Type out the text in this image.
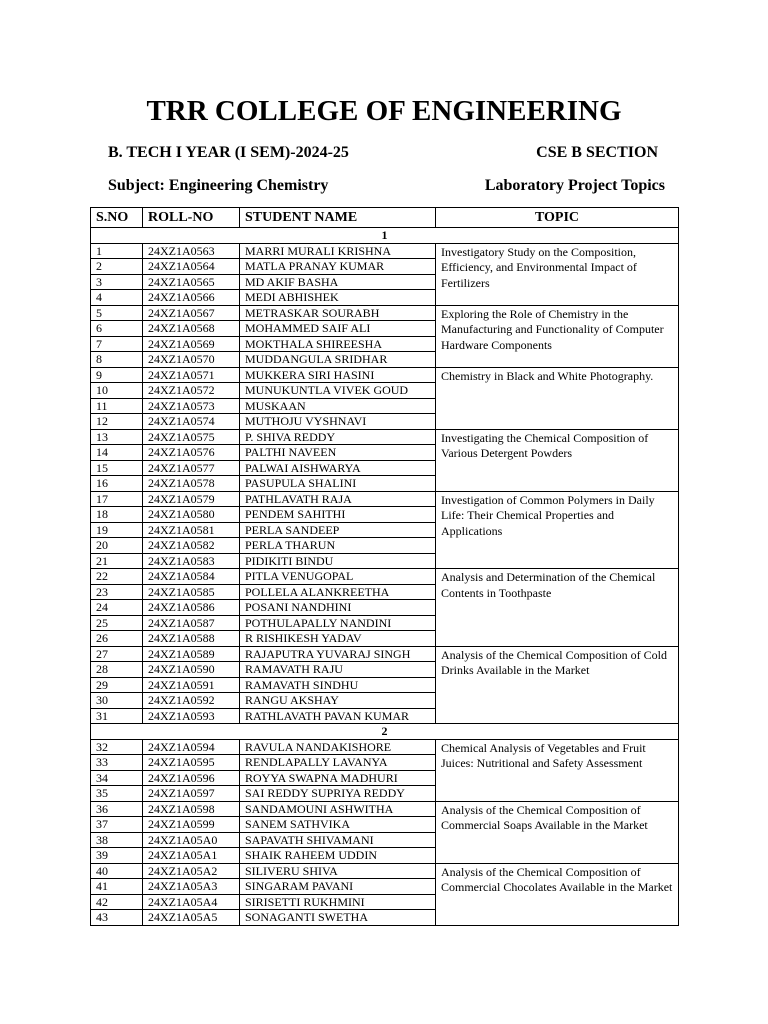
TRR COLLEGE OF ENGINEERING
B. TECH I YEAR (I SEM)-2024-25	CSE B SECTION
Subject: Engineering Chemistry	Laboratory Project Topics
S.NO	ROLL-NO	STUDENT NAME	TOPIC
1			
1	24XZ1A0563	MARRI MURALI KRISHNA	Investigatory Study on the Composition, Efficiency, and Environmental Impact of Fertilizers
2	24XZ1A0564	MATLA PRANAY KUMAR	
3	24XZ1A0565	MD AKIF BASHA	
4	24XZ1A0566	MEDI ABHISHEK	
5	24XZ1A0567	METRASKAR SOURABH	Exploring the Role of Chemistry in the Manufacturing and Functionality of Computer Hardware Components
6	24XZ1A0568	MOHAMMED SAIF ALI	
7	24XZ1A0569	MOKTHALA SHIREESHA	
8	24XZ1A0570	MUDDANGULA SRIDHAR	
9	24XZ1A0571	MUKKERA SIRI HASINI	Chemistry in Black and White Photography.
10	24XZ1A0572	MUNUKUNTLA VIVEK GOUD	
11	24XZ1A0573	MUSKAAN	
12	24XZ1A0574	MUTHOJU VYSHNAVI	
13	24XZ1A0575	P. SHIVA REDDY	Investigating the Chemical Composition of Various Detergent Powders
14	24XZ1A0576	PALTHI NAVEEN	
15	24XZ1A0577	PALWAI AISHWARYA	
16	24XZ1A0578	PASUPULA SHALINI	
17	24XZ1A0579	PATHLAVATH RAJA	Investigation of Common Polymers in Daily Life: Their Chemical Properties and Applications
18	24XZ1A0580	PENDEM SAHITHI	
19	24XZ1A0581	PERLA SANDEEP	
20	24XZ1A0582	PERLA THARUN	
21	24XZ1A0583	PIDIKITI BINDU	
22	24XZ1A0584	PITLA VENUGOPAL	Analysis and Determination of the Chemical Contents in Toothpaste
23	24XZ1A0585	POLLELA ALANKREETHA	
24	24XZ1A0586	POSANI NANDHINI	
25	24XZ1A0587	POTHULAPALLY NANDINI	
26	24XZ1A0588	R RISHIKESH YADAV	
27	24XZ1A0589	RAJAPUTRA YUVARAJ SINGH	Analysis of the Chemical Composition of Cold Drinks Available in the Market
28	24XZ1A0590	RAMAVATH RAJU	
29	24XZ1A0591	RAMAVATH SINDHU	
30	24XZ1A0592	RANGU AKSHAY	
31	24XZ1A0593	RATHLAVATH PAVAN KUMAR	
2			
32	24XZ1A0594	RAVULA NANDAKISHORE	Chemical Analysis of Vegetables and Fruit Juices: Nutritional and Safety Assessment
33	24XZ1A0595	RENDLAPALLY LAVANYA	
34	24XZ1A0596	ROYYA SWAPNA MADHURI	
35	24XZ1A0597	SAI REDDY SUPRIYA REDDY	
36	24XZ1A0598	SANDAMOUNI ASHWITHA	Analysis of the Chemical Composition of Commercial Soaps Available in the Market
37	24XZ1A0599	SANEM SATHVIKA	
38	24XZ1A05A0	SAPAVATH SHIVAMANI	
39	24XZ1A05A1	SHAIK RAHEEM UDDIN	
40	24XZ1A05A2	SILIVERU SHIVA	Analysis of the Chemical Composition of Commercial Chocolates Available in the Market
41	24XZ1A05A3	SINGARAM PAVANI	
42	24XZ1A05A4	SIRISETTI RUKHMINI	
43	24XZ1A05A5	SONAGANTI SWETHA	
